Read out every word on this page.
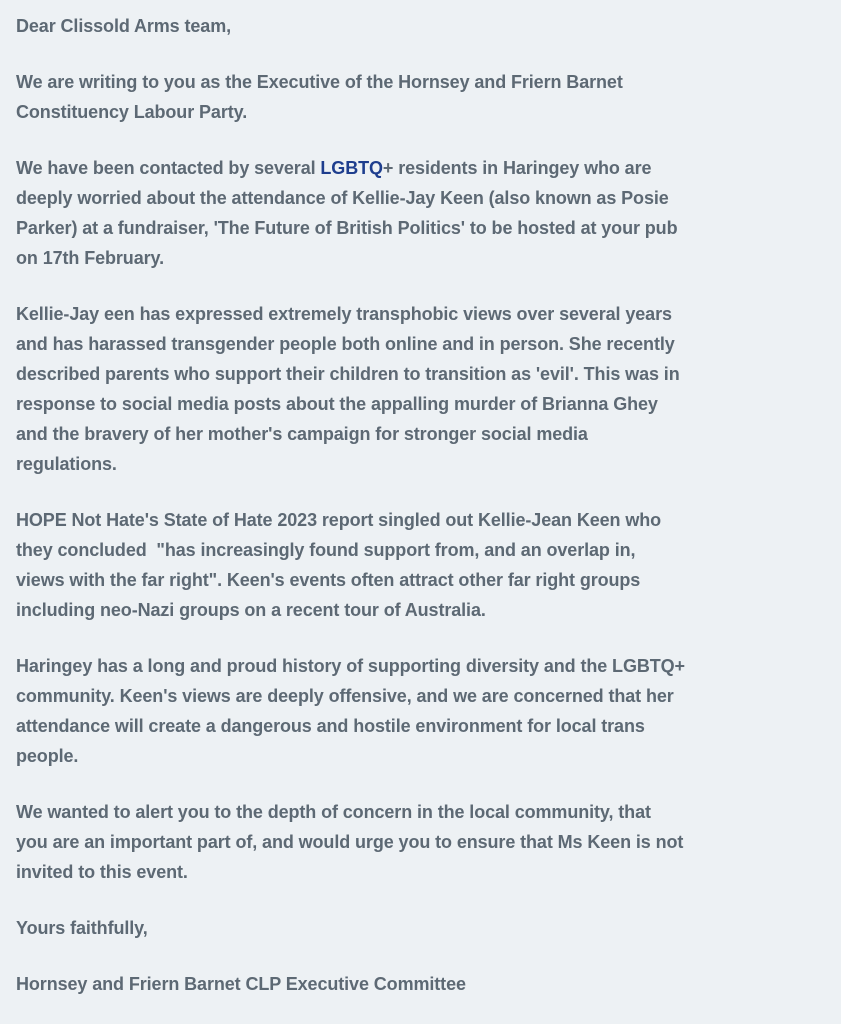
Dear Clissold Arms team,
We are writing to you as the Executive of the Hornsey and Friern Barnet
Constituency Labour Party.
We have been contacted by several LGBTQ+ residents in Haringey who are
deeply worried about the attendance of Kellie-Jay Keen (also known as Posie
Parker) at a fundraiser, 'The Future of British Politics' to be hosted at your pub
on 17th February.
Kellie-Jay een has expressed extremely transphobic views over several years
and has harassed transgender people both online and in person. She recently
described parents who support their children to transition as 'evil'. This was in
response to social media posts about the appalling murder of Brianna Ghey
and the bravery of her mother's campaign for stronger social media
regulations.
HOPE Not Hate's State of Hate 2023 report singled out Kellie-Jean Keen who
they concluded  "has increasingly found support from, and an overlap in,
views with the far right". Keen's events often attract other far right groups
including neo-Nazi groups on a recent tour of Australia.
Haringey has a long and proud history of supporting diversity and the LGBTQ+
community. Keen's views are deeply offensive, and we are concerned that her
attendance will create a dangerous and hostile environment for local trans
people.
We wanted to alert you to the depth of concern in the local community, that
you are an important part of, and would urge you to ensure that Ms Keen is not
invited to this event.
Yours faithfully,
Hornsey and Friern Barnet CLP Executive Committee
